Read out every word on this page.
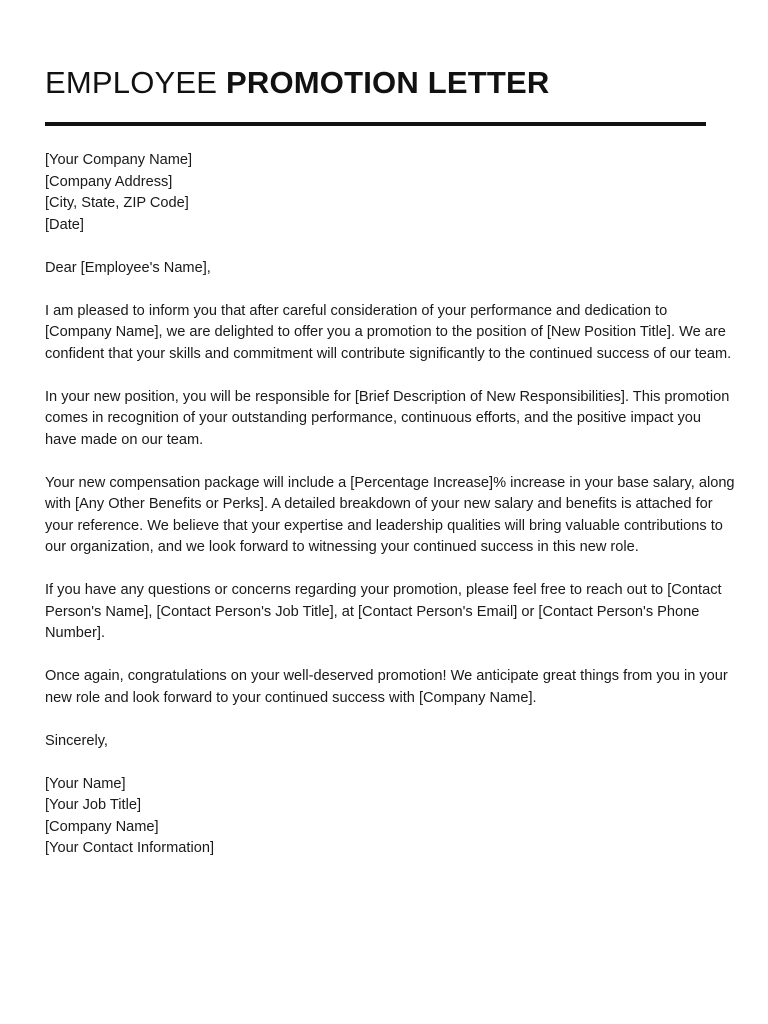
EMPLOYEE PROMOTION LETTER
[Your Company Name]
[Company Address]
[City, State, ZIP Code]
[Date]
Dear [Employee's Name],

I am pleased to inform you that after careful consideration of your performance and dedication to [Company Name], we are delighted to offer you a promotion to the position of [New Position Title]. We are confident that your skills and commitment will contribute significantly to the continued success of our team.

In your new position, you will be responsible for [Brief Description of New Responsibilities]. This promotion comes in recognition of your outstanding performance, continuous efforts, and the positive impact you have made on our team.

Your new compensation package will include a [Percentage Increase]% increase in your base salary, along with [Any Other Benefits or Perks]. A detailed breakdown of your new salary and benefits is attached for your reference. We believe that your expertise and leadership qualities will bring valuable contributions to our organization, and we look forward to witnessing your continued success in this new role.

If you have any questions or concerns regarding your promotion, please feel free to reach out to [Contact Person's Name], [Contact Person's Job Title], at [Contact Person's Email] or [Contact Person's Phone Number].

Once again, congratulations on your well-deserved promotion! We anticipate great things from you in your new role and look forward to your continued success with [Company Name].

Sincerely,
[Your Name]
[Your Job Title]
[Company Name]
[Your Contact Information]
